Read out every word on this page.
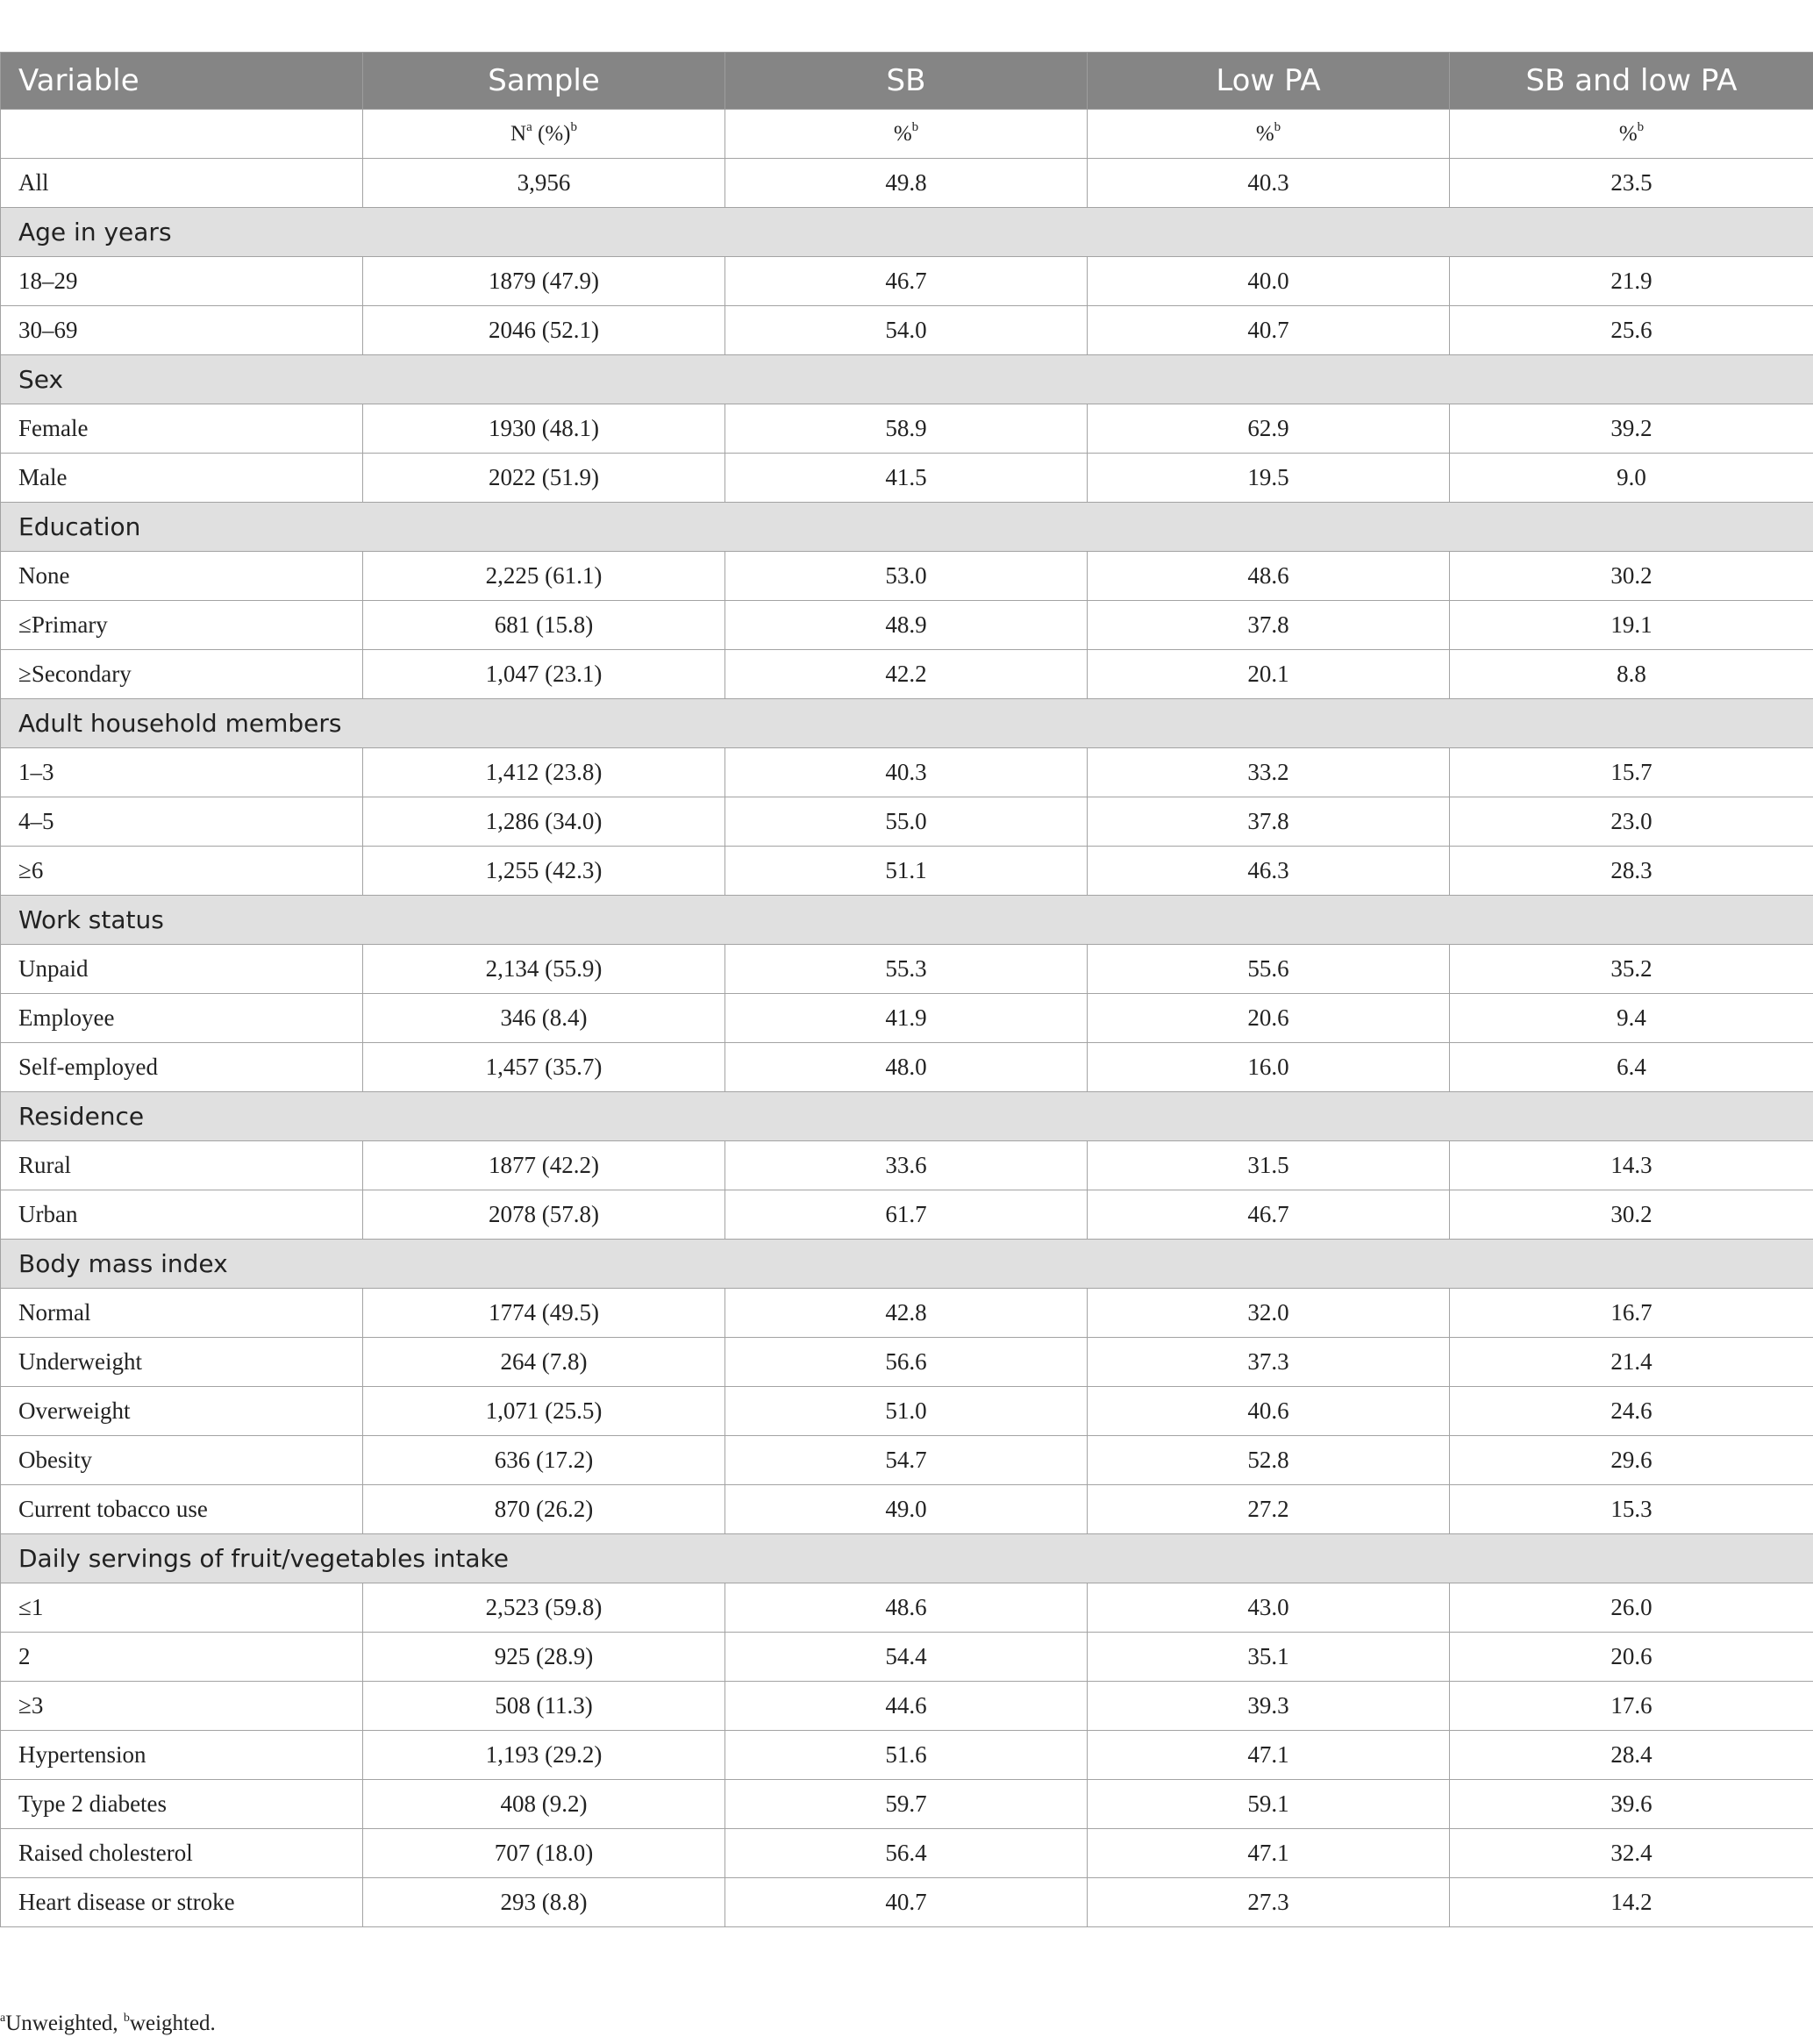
Variable	Sample	SB	Low PA	SB and low PA
	$N^a$ (%)$^b$	%$^b$	%$^b$	%$^b$
All	3,956	49.8	40.3	23.5
Age in years				
18–29	1879 (47.9)	46.7	40.0	21.9
30–69	2046 (52.1)	54.0	40.7	25.6
Sex				
Female	1930 (48.1)	58.9	62.9	39.2
Male	2022 (51.9)	41.5	19.5	9.0
Education				
None	2,225 (61.1)	53.0	48.6	30.2
≤Primary	681 (15.8)	48.9	37.8	19.1
≥Secondary	1,047 (23.1)	42.2	20.1	8.8
Adult household members				
1–3	1,412 (23.8)	40.3	33.2	15.7
4–5	1,286 (34.0)	55.0	37.8	23.0
≥6	1,255 (42.3)	51.1	46.3	28.3
Work status				
Unpaid	2,134 (55.9)	55.3	55.6	35.2
Employee	346 (8.4)	41.9	20.6	9.4
Self-employed	1,457 (35.7)	48.0	16.0	6.4
Residence				
Rural	1877 (42.2)	33.6	31.5	14.3
Urban	2078 (57.8)	61.7	46.7	30.2
Body mass index				
Normal	1774 (49.5)	42.8	32.0	16.7
Underweight	264 (7.8)	56.6	37.3	21.4
Overweight	1,071 (25.5)	51.0	40.6	24.6
Obesity	636 (17.2)	54.7	52.8	29.6
Current tobacco use	870 (26.2)	49.0	27.2	15.3
Daily servings of fruit/vegetables intake				
≤1	2,523 (59.8)	48.6	43.0	26.0
2	925 (28.9)	54.4	35.1	20.6
≥3	508 (11.3)	44.6	39.3	17.6
Hypertension	1,193 (29.2)	51.6	47.1	28.4
Type 2 diabetes	408 (9.2)	59.7	59.1	39.6
Raised cholesterol	707 (18.0)	56.4	47.1	32.4
Heart disease or stroke	293 (8.8)	40.7	27.3	14.2
$^a$Unweighted, $^b$weighted.
